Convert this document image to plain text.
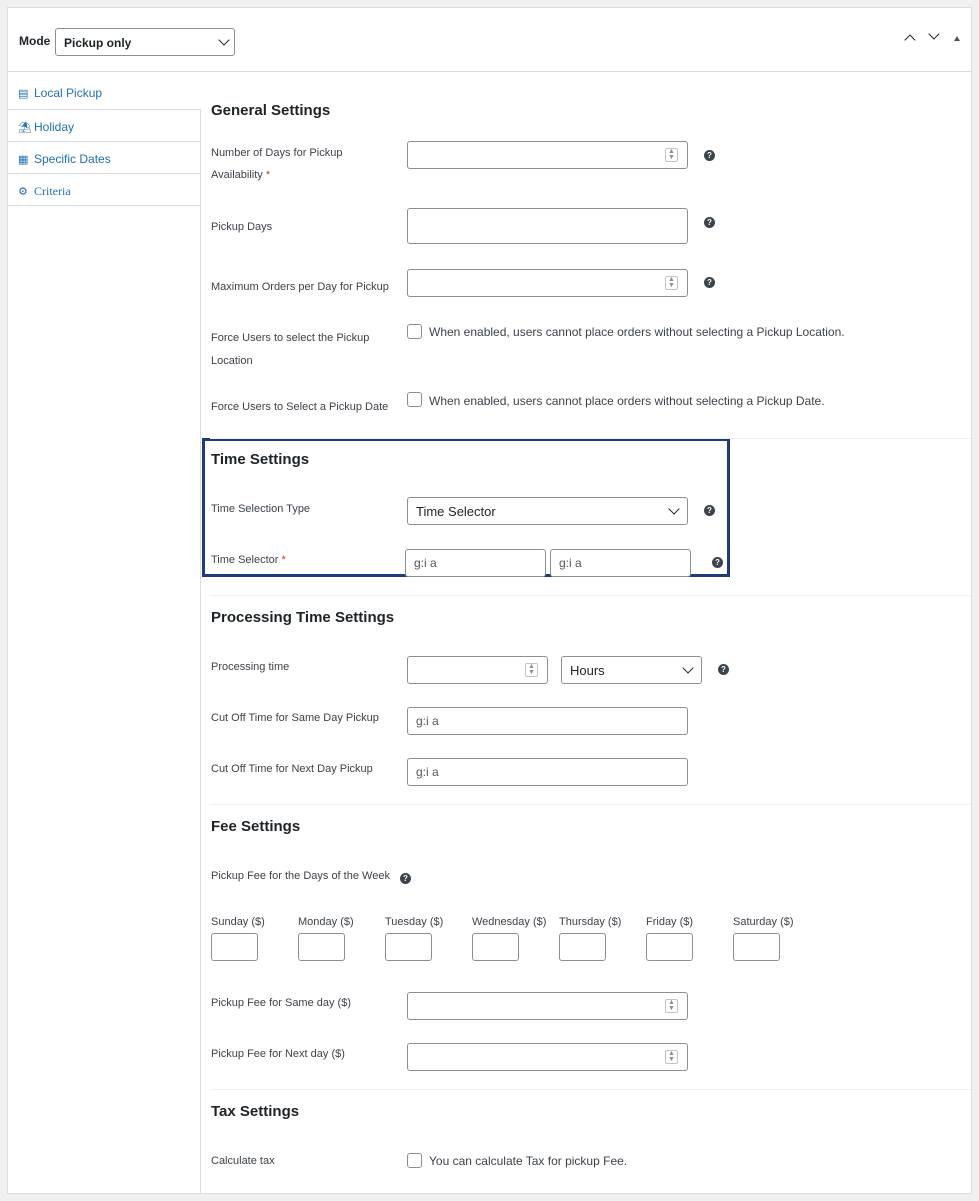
Mode	Pickup only
▤ Local Pickup
⛱ Holiday
▦ Specific Dates
⚙ Criteria
General Settings
Number of Days for Pickup
Availability *
▲
▼	?
Pickup Days	?
Maximum Orders per Day for Pickup
▲
▼	?
Force Users to select the Pickup
Location
When enabled, users cannot place orders without selecting a Pickup Location.
Force Users to Select a Pickup Date	When enabled, users cannot place orders without selecting a Pickup Date.
Time Settings
Time Selection Type	Time Selector	?
Time Selector *	g:i a	g:i a	?
Processing Time Settings
Processing time	▲
▼	Hours	?
Cut Off Time for Same Day Pickup	g:i a
Cut Off Time for Next Day Pickup	g:i a
Fee Settings
Pickup Fee for the Days of the Week	?
Sunday ($)	Monday ($)	Tuesday ($)	Wednesday ($) Thursday ($) Friday ($)	Saturday ($)
Pickup Fee for Same day ($)	▲
▼
Pickup Fee for Next day ($)	▲
▼
Tax Settings
Calculate tax	You can calculate Tax for pickup Fee.
